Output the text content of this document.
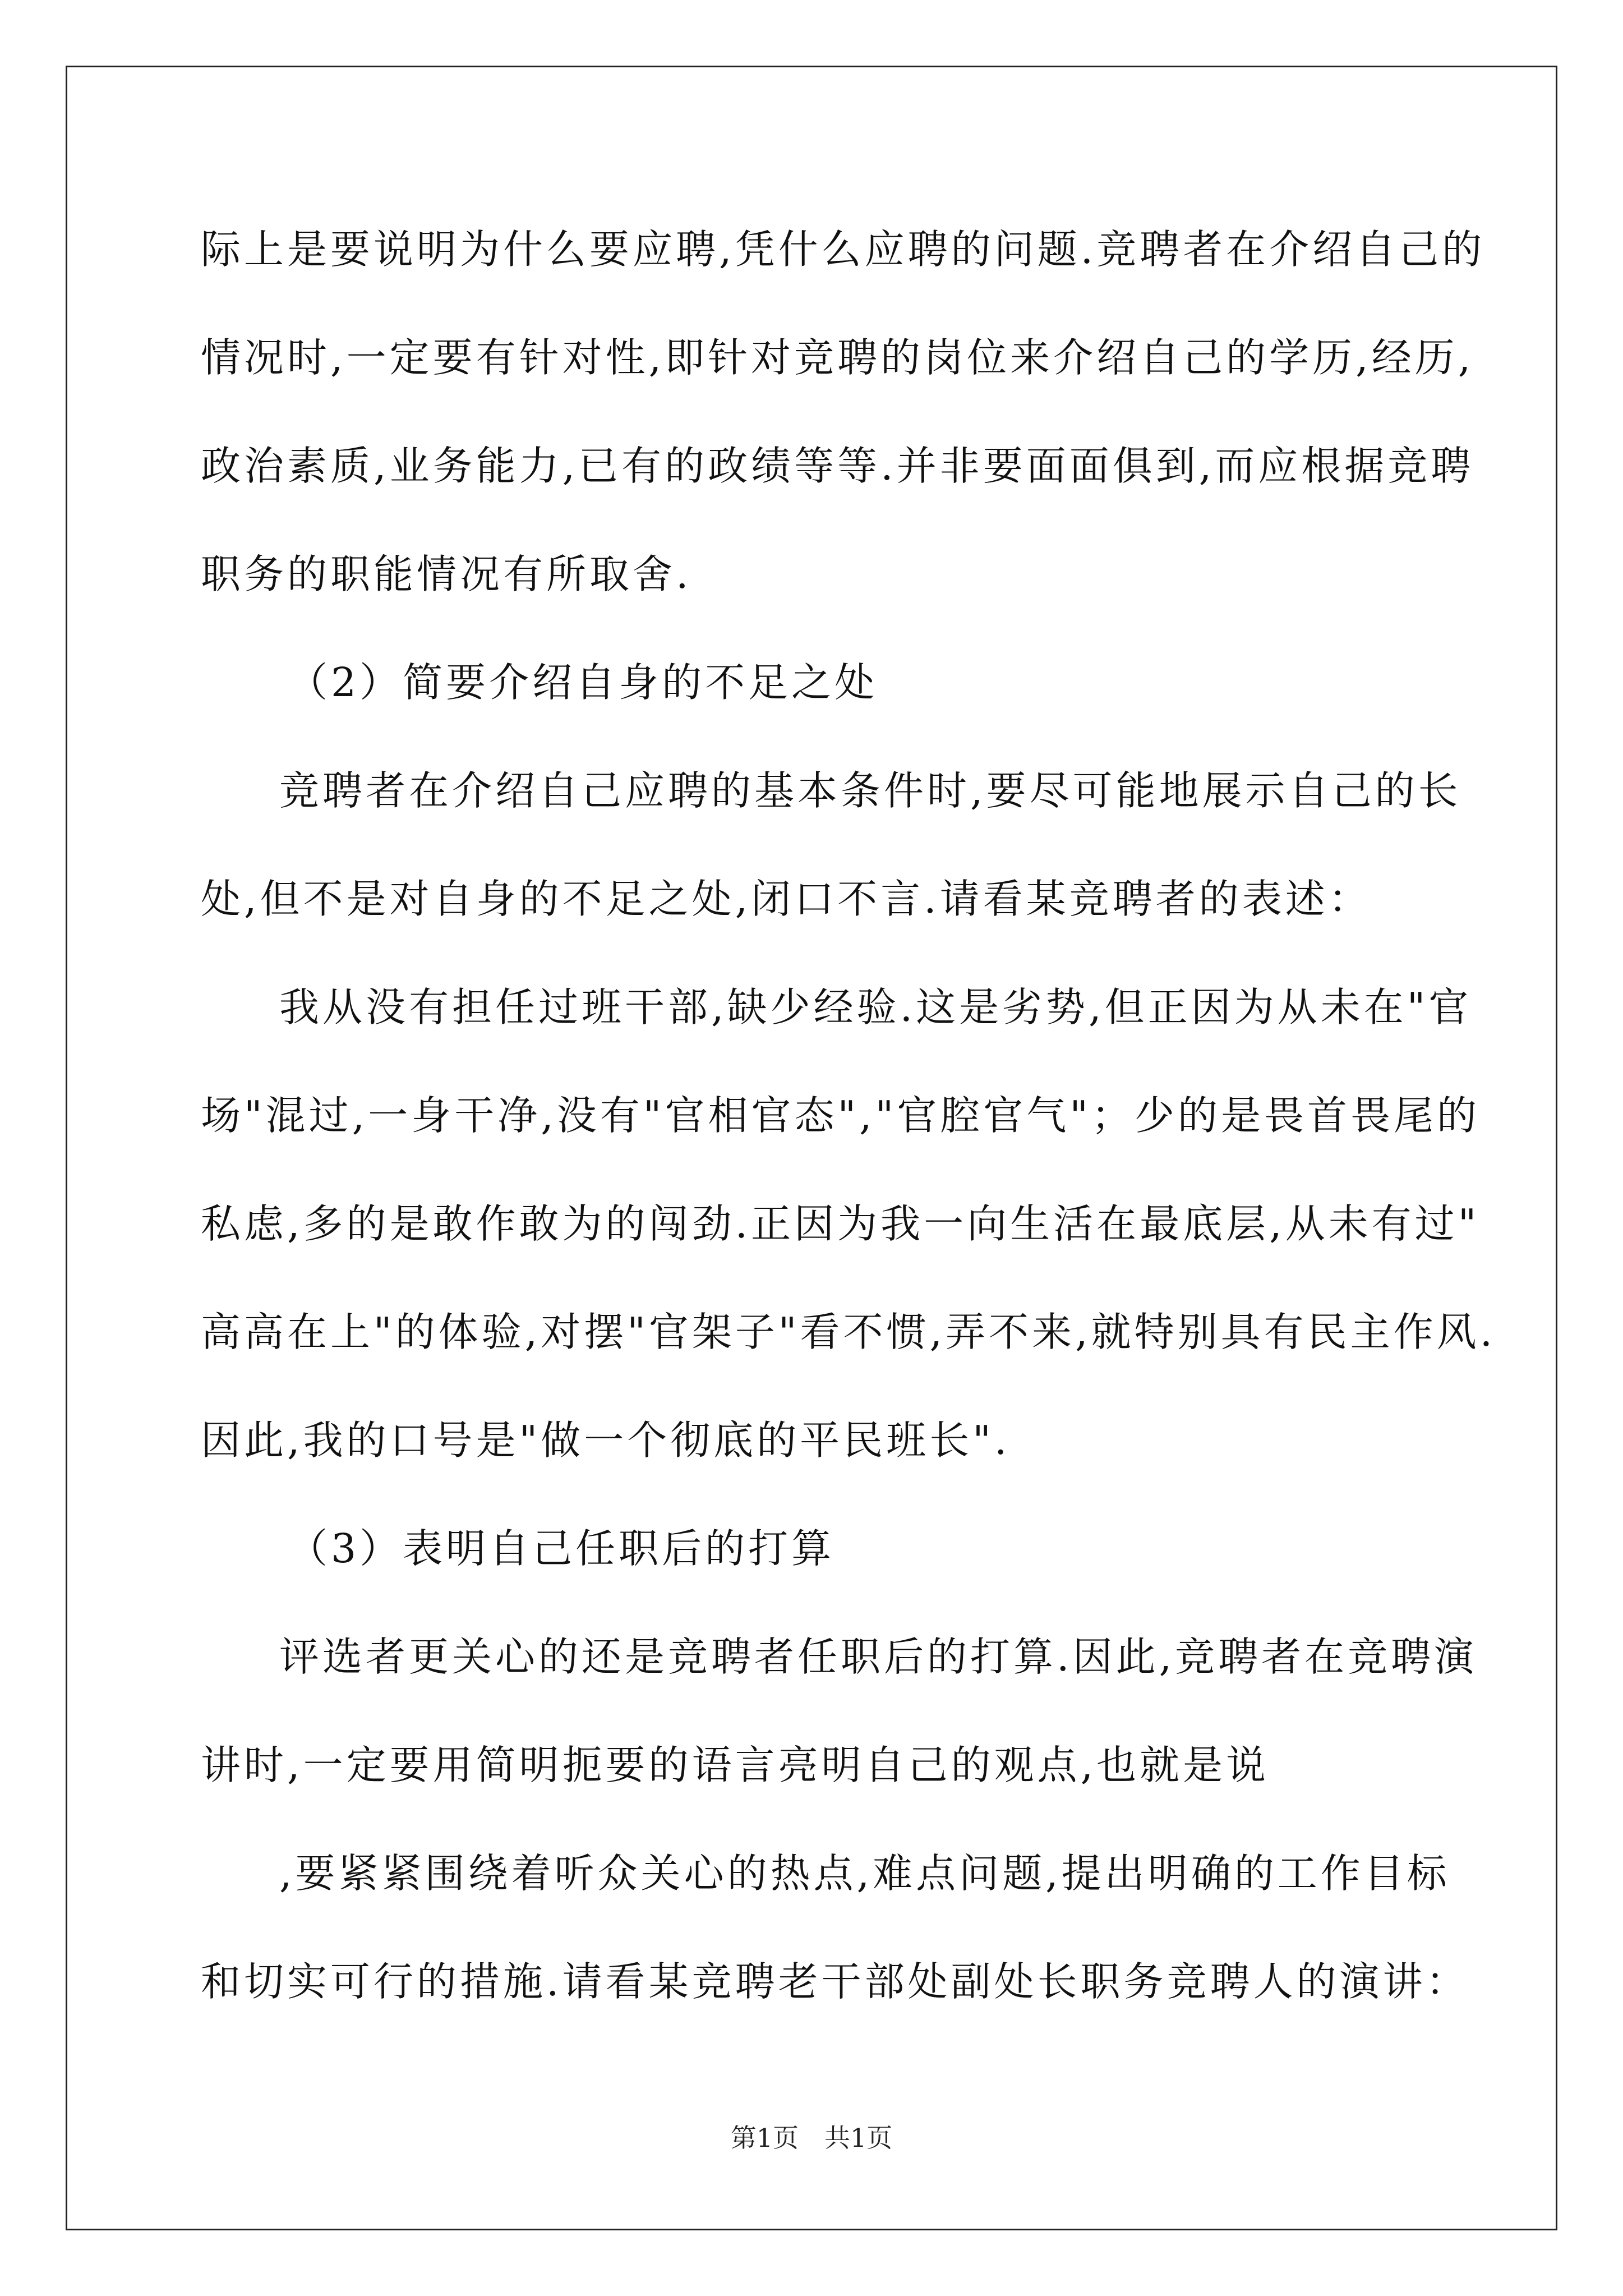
际上是要说明为什么要应聘,凭什么应聘的问题.竞聘者在介绍自己的
情况时,一定要有针对性,即针对竞聘的岗位来介绍自己的学历,经历,
政治素质,业务能力,已有的政绩等等.并非要面面俱到,而应根据竞聘
职务的职能情况有所取舍.
（2）简要介绍自身的不足之处
竞聘者在介绍自己应聘的基本条件时,要尽可能地展示自己的长
处,但不是对自身的不足之处,闭口不言.请看某竞聘者的表述：
我从没有担任过班干部,缺少经验.这是劣势,但正因为从未在"官
场"混过,一身干净,没有"官相官态","官腔官气"；少的是畏首畏尾的
私虑,多的是敢作敢为的闯劲.正因为我一向生活在最底层,从未有过"
高高在上"的体验,对摆"官架子"看不惯,弄不来,就特别具有民主作风.
因此,我的口号是"做一个彻底的平民班长".
（3）表明自己任职后的打算
评选者更关心的还是竞聘者任职后的打算.因此,竞聘者在竞聘演
讲时,一定要用简明扼要的语言亮明自己的观点,也就是说
,要紧紧围绕着听众关心的热点,难点问题,提出明确的工作目标
和切实可行的措施.请看某竞聘老干部处副处长职务竞聘人的演讲：
第1页　共1页
